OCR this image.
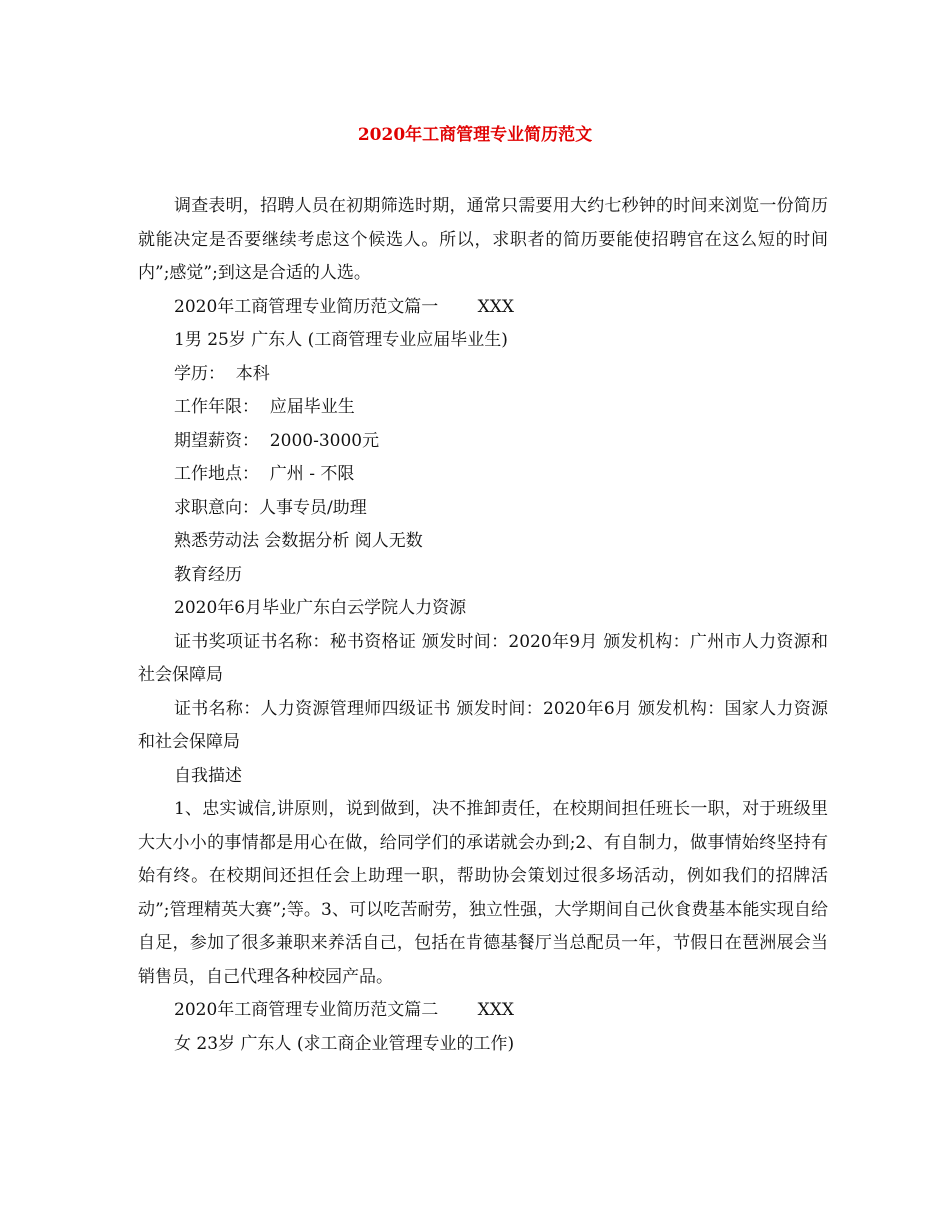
2020年工商管理专业简历范文

调查表明，招聘人员在初期筛选时期，通常只需要用大约七秒钟的时间来浏览一份简历就能决定是否要继续考虑这个候选人。所以，求职者的简历要能使招聘官在这么短的时间内”;感觉”;到这是合适的人选。

2020年工商管理专业简历范文篇一　　 XXX

1男 25岁 广东人 (工商管理专业应届毕业生)

学历：  本科

工作年限：  应届毕业生

期望薪资：  2000-3000元

工作地点：  广州 - 不限

求职意向：人事专员/助理

熟悉劳动法 会数据分析 阅人无数

教育经历

2020年6月毕业广东白云学院人力资源

证书奖项证书名称：秘书资格证 颁发时间：2020年9月 颁发机构：广州市人力资源和社会保障局

证书名称：人力资源管理师四级证书 颁发时间：2020年6月 颁发机构：国家人力资源和社会保障局

自我描述

1、忠实诚信,讲原则，说到做到，决不推卸责任，在校期间担任班长一职，对于班级里大大小小的事情都是用心在做，给同学们的承诺就会办到;2、有自制力，做事情始终坚持有始有终。在校期间还担任会上助理一职，帮助协会策划过很多场活动，例如我们的招牌活动”;管理精英大赛”;等。3、可以吃苦耐劳，独立性强，大学期间自己伙食费基本能实现自给自足，参加了很多兼职来养活自己，包括在肯德基餐厅当总配员一年，节假日在琶洲展会当销售员，自己代理各种校园产品。

2020年工商管理专业简历范文篇二　　 XXX

女 23岁 广东人 (求工商企业管理专业的工作)
